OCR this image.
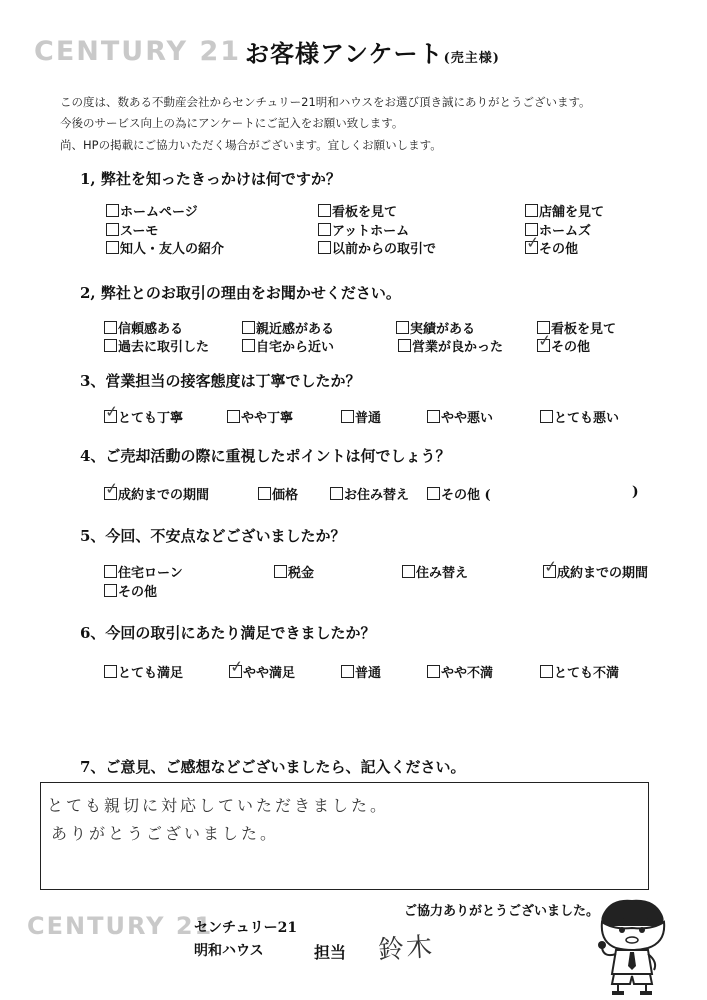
CENTURY 21 お客様アンケート(売主様)
この度は、数ある不動産会社からセンチュリー21明和ハウスをお選び頂き誠にありがとうございます。
今後のサービス向上の為にアンケートにご記入をお願い致します。
尚、HPの掲載にご協力いただく場合がございます。宜しくお願いします。
1, 弊社を知ったきっかけは何ですか？
ホームページ	看板を見て	店舗を見て
スーモ	アットホーム	ホームズ
知人・友人の紹介	以前からの取引で ✓	その他
2, 弊社とのお取引の理由をお聞かせください。
信頼感ある	親近感がある	実績がある	看板を見て
過去に取引した	自宅から近い	営業が良かった ✓	その他
3、営業担当の接客態度は丁寧でしたか？
✓
とても丁寧	やや丁寧	普通	やや悪い	とても悪い
4、ご売却活動の際に重視したポイントは何でしょう？
✓
成約までの期間	価格	お住み替え その他 (	)
5、今回、不安点などございましたか？
住宅ローン	税金	住み替え ✓	成約までの期間
その他
6、今回の取引にあたり満足できましたか？
とても満足 ✓	やや満足	普通	やや不満	とても不満
7、ご意見、ご感想などございましたら、記入ください。
とても親切に対応していただきました。
ありがとうございました。
CENTURY 21
センチュリー21
明和ハウス	担当 鈴木
ご協力ありがとうございました。
